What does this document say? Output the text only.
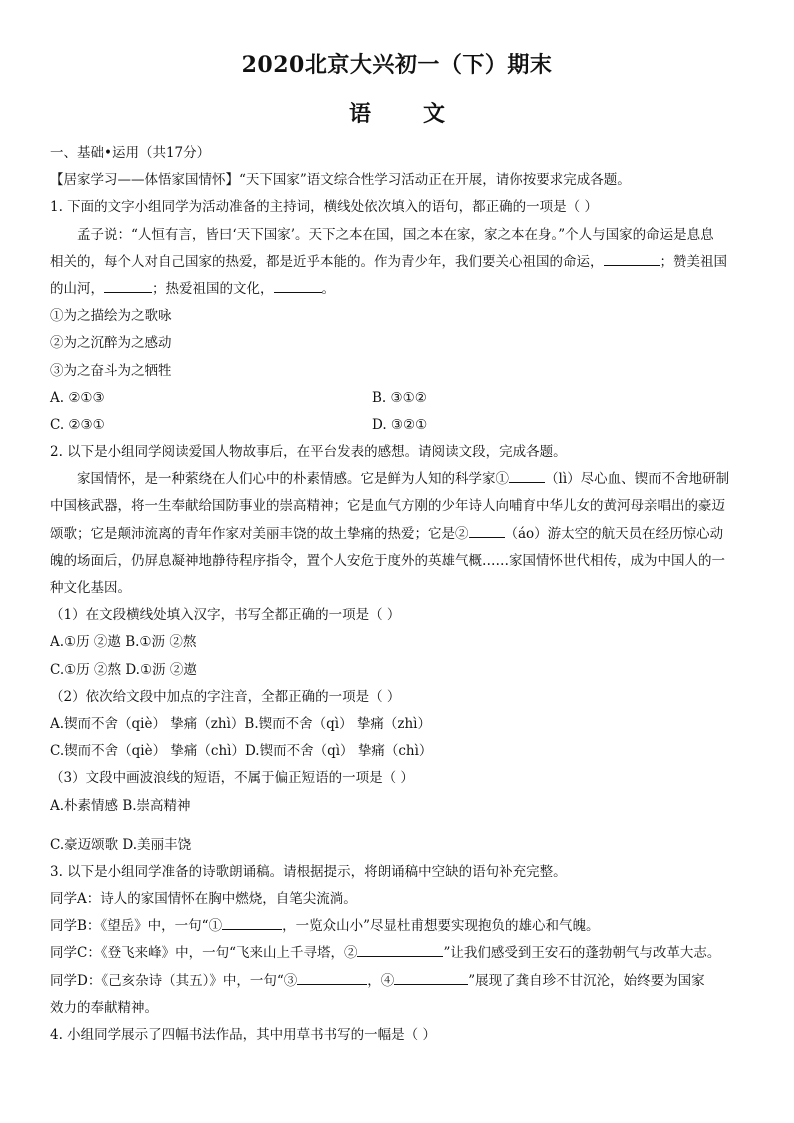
2020北京大兴初一（下）期末
语 文
一、基础•运用（共17分）
【居家学习——体悟家国情怀】“天下国家”语文综合性学习活动正在开展，请你按要求完成各题。
1. 下面的文字小组同学为活动准备的主持词，横线处依次填入的语句，都正确的一项是（ ）
孟子说：“人恒有言，皆曰‘天下国家’。天下之本在国，国之本在家，家之本在身。”个人与国家的命运是息息
相关的，每个人对自己国家的热爱，都是近乎本能的。作为青少年，我们要关心祖国的命运，	；赞美祖国
的山河，	；热爱祖国的文化，	。
①为之描绘为之歌咏
②为之沉醉为之感动
③为之奋斗为之牺牲
A. ②①③	B. ③①②
C. ②③①	D. ③②①
2. 以下是小组同学阅读爱国人物故事后，在平台发表的感想。请阅读文段，完成各题。
家国情怀，是一种萦绕在人们心中的朴素情感。它是鲜为人知的科学家①	（lì）尽心血、锲而不舍地研制
中国核武器，将一生奉献给国防事业的崇高精神；它是血气方刚的少年诗人向哺育中华儿女的黄河母亲唱出的豪迈
颂歌；它是颠沛流离的青年作家对美丽丰饶的故土挚痛的热爱；它是②	（áo）游太空的航天员在经历惊心动
魄的场面后，仍屏息凝神地静待程序指令，置个人安危于度外的英雄气概……家国情怀世代相传，成为中国人的一
种文化基因。
（1）在文段横线处填入汉字，书写全都正确的一项是（ ）
A.①历 ②遨 B.①沥 ②熬
C.①历 ②熬 D.①沥 ②遨
（2）依次给文段中加点的字注音，全都正确的一项是（ ）
A.锲而不舍（qiè） 挚痛（zhì）B.锲而不舍（qì） 挚痛（zhì）
C.锲而不舍（qiè） 挚痛（chì）D.锲而不舍（qì） 挚痛（chì）
（3）文段中画波浪线的短语，不属于偏正短语的一项是（ ）
A.朴素情感 B.崇高精神
C.豪迈颂歌 D.美丽丰饶
3. 以下是小组同学准备的诗歌朗诵稿。请根据提示，将朗诵稿中空缺的语句补充完整。
同学A：诗人的家国情怀在胸中燃烧，自笔尖流淌。
同学B：《望岳》中，一句“①	，一览众山小”尽显杜甫想要实现抱负的雄心和气魄。
同学C：《登飞来峰》中，一句“飞来山上千寻塔，②	”让我们感受到王安石的蓬勃朝气与改革大志。
同学D：《己亥杂诗（其五）》中，一句“③	，④	”展现了龚自珍不甘沉沦，始终要为国家
效力的奉献精神。
4. 小组同学展示了四幅书法作品，其中用草书书写的一幅是（ ）
